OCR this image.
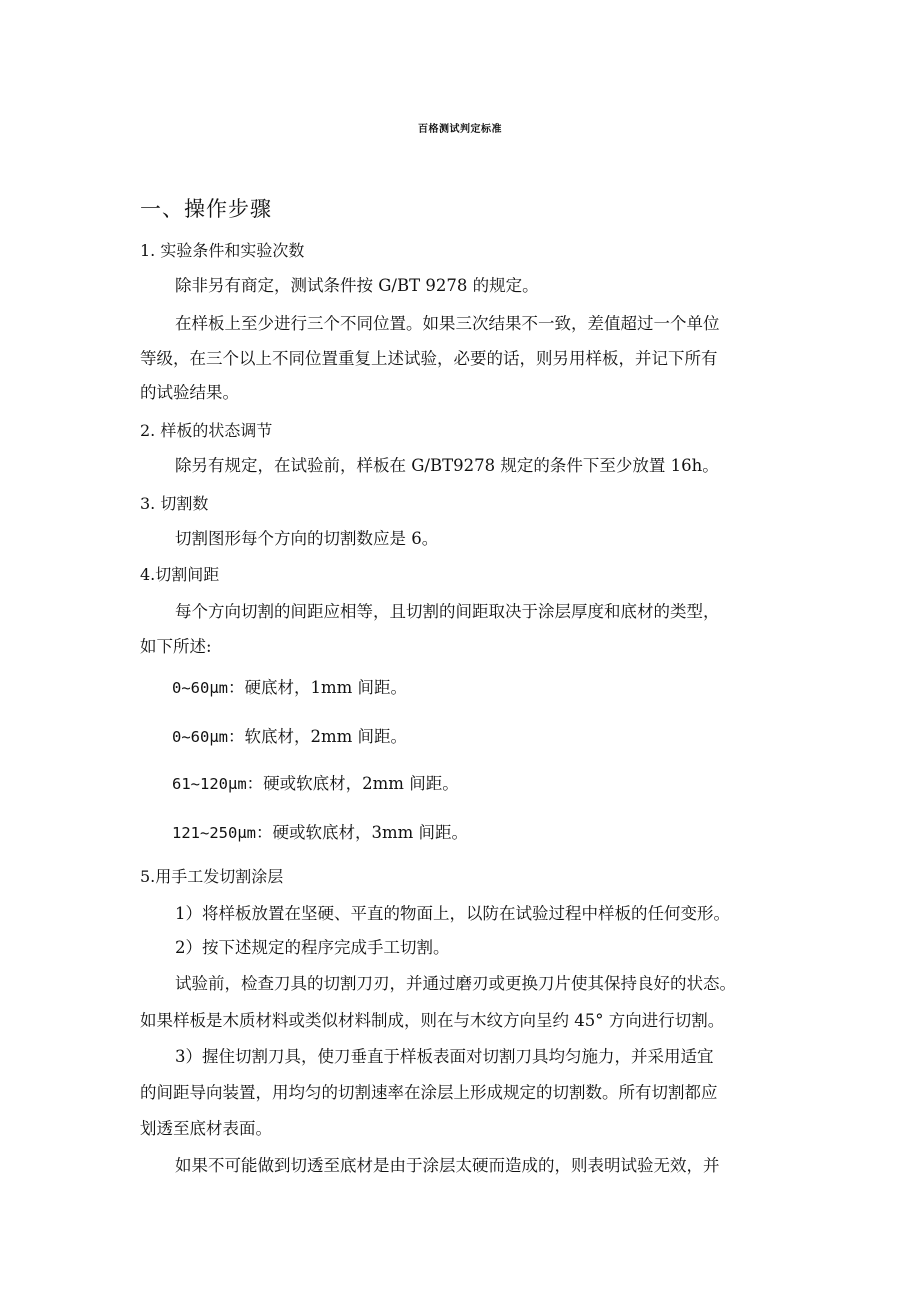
百格测试判定标准
一、操作步骤
1. 实验条件和实验次数
除非另有商定，测试条件按 G/BT 9278 的规定。
在样板上至少进行三个不同位置。如果三次结果不一致，差值超过一个单位
等级，在三个以上不同位置重复上述试验，必要的话，则另用样板，并记下所有
的试验结果。
2. 样板的状态调节
除另有规定，在试验前，样板在 G/BT9278 规定的条件下至少放置 16h。
3. 切割数
切割图形每个方向的切割数应是 6。
4.切割间距
每个方向切割的间距应相等，且切割的间距取决于涂层厚度和底材的类型，
如下所述:
0~60μm：硬底材，1mm 间距。
0~60μm：软底材，2mm 间距。
61~120μm：硬或软底材，2mm 间距。
121~250μm：硬或软底材，3mm 间距。
5.用手工发切割涂层
1）将样板放置在坚硬、平直的物面上，以防在试验过程中样板的任何变形。
2）按下述规定的程序完成手工切割。
试验前，检查刀具的切割刀刃，并通过磨刃或更换刀片使其保持良好的状态。
如果样板是木质材料或类似材料制成，则在与木纹方向呈约 45° 方向进行切割。
3）握住切割刀具，使刀垂直于样板表面对切割刀具均匀施力，并采用适宜
的间距导向装置，用均匀的切割速率在涂层上形成规定的切割数。所有切割都应
划透至底材表面。
如果不可能做到切透至底材是由于涂层太硬而造成的，则表明试验无效，并
